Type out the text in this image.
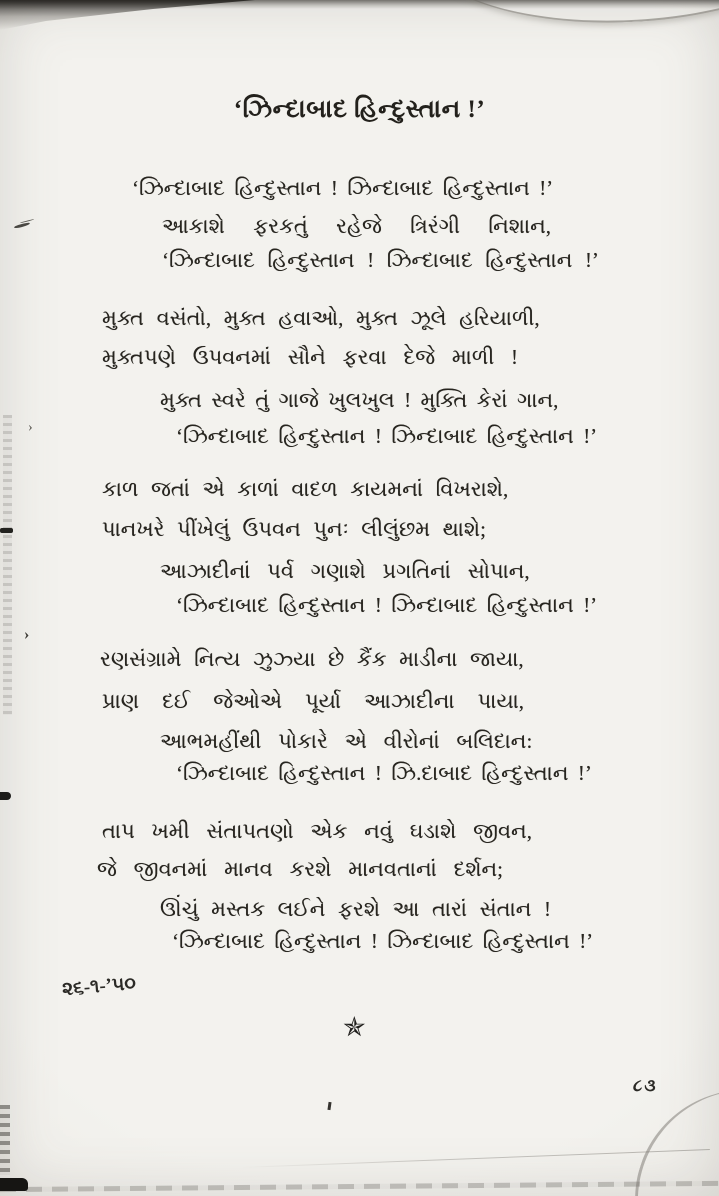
›
›
‘ઝિન્દાબાદ હિન્દુસ્તાન !’
‘ઝિન્દાબાદ હિન્દુસ્તાન ! ઝિન્દાબાદ હિન્દુસ્તાન !’
આકાશે ફરકતું રહેજે ત્રિરંગી નિશાન,
‘ઝિન્દાબાદ હિન્દુસ્તાન ! ઝિન્દાબાદ હિન્દુસ્તાન !’
મુક્ત વસંતો, મુક્ત હવાઓ, મુક્ત ઝૂલે હરિયાળી,
મુક્તપણે ઉપવનમાં સૌને ફરવા દેજે માળી !
મુક્ત સ્વરે તું ગાજે ખુલખુલ ! મુક્તિ કેરાં ગાન,
‘ઝિન્દાબાદ હિન્દુસ્તાન ! ઝિન્દાબાદ હિન્દુસ્તાન !’
કાળ જતાં એ કાળાં વાદળ કાયમનાં વિખરાશે,
પાનખરે પીંખેલું ઉપવન પુનઃ લીલુંછમ થાશે;
આઝાદીનાં પર્વ ગણાશે પ્રગતિનાં સોપાન,
‘ઝિન્દાબાદ હિન્દુસ્તાન ! ઝિન્દાબાદ હિન્દુસ્તાન !’
રણસંગ્રામે નિત્ય ઝુઝ્યા છે કૈંક માડીના જાયા,
પ્રાણ દઈ જેઓએ પૂર્યા આઝાદીના પાયા,
આભમહીંથી પોકારે એ વીરોનાં બલિદાન:
‘ઝિન્દાબાદ હિન્દુસ્તાન ! ઝિ.દાબાદ હિન્દુસ્તાન !’
તાપ ખમી સંતાપતણો એક નવું ઘડાશે જીવન,
જે જીવનમાં માનવ કરશે માનવતાનાં દર્શન;
ઊંચું મસ્તક લઈને ફરશે આ તારાં સંતાન !
‘ઝિન્દાબાદ હિન્દુસ્તાન ! ઝિન્દાબાદ હિન્દુસ્તાન !’
૨૬-૧-’૫૦
✯
૮૩
